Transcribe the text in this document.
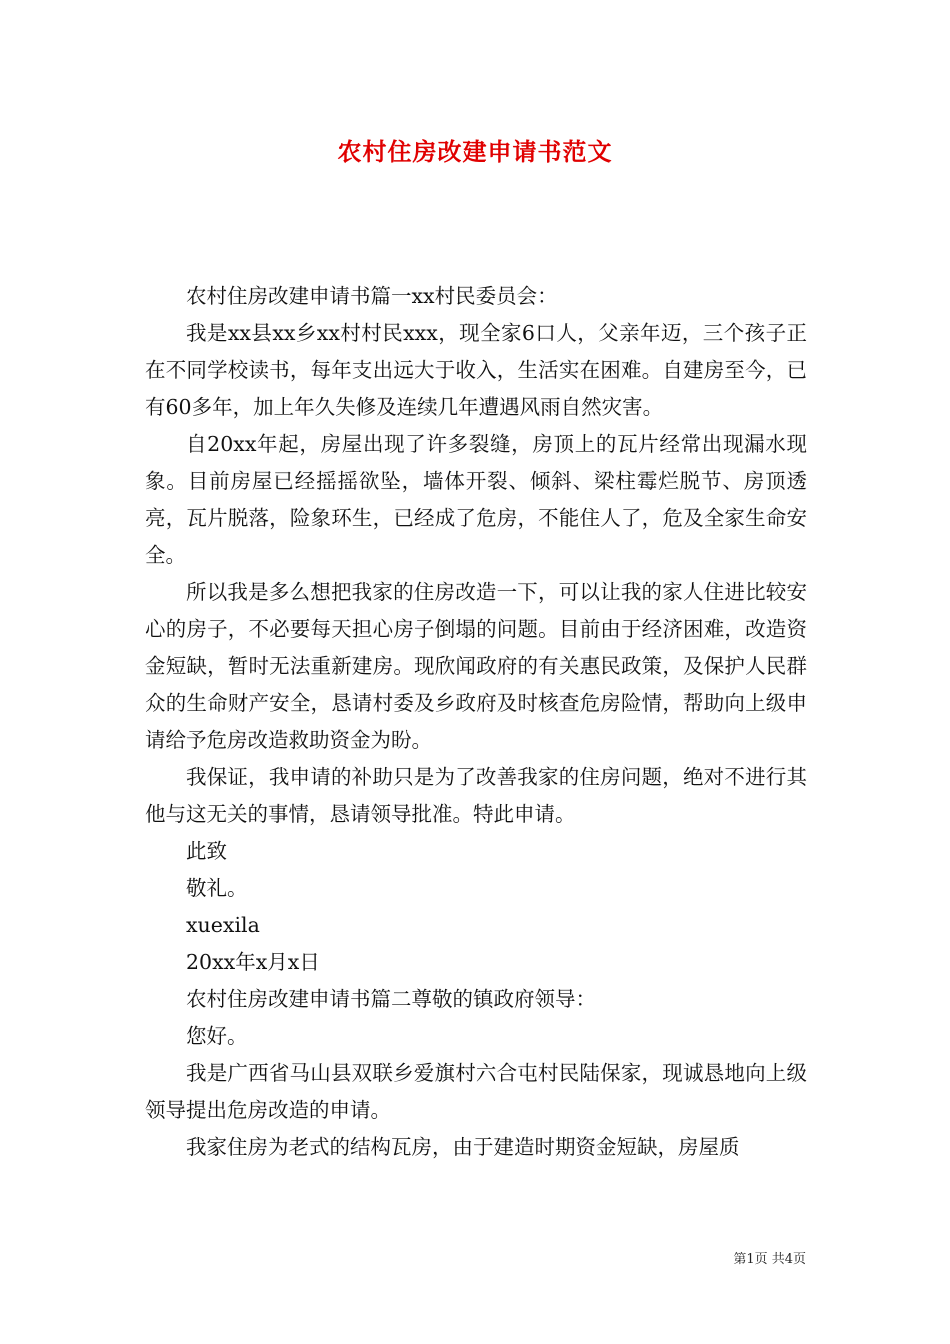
农村住房改建申请书范文

农村住房改建申请书篇一xx村民委员会：

我是xx县xx乡xx村村民xxx，现全家6口人，父亲年迈，三个孩子正在不同学校读书，每年支出远大于收入，生活实在困难。自建房至今，已有60多年，加上年久失修及连续几年遭遇风雨自然灾害。

自20xx年起，房屋出现了许多裂缝，房顶上的瓦片经常出现漏水现象。目前房屋已经摇摇欲坠，墙体开裂、倾斜、梁柱霉烂脱节、房顶透亮，瓦片脱落，险象环生，已经成了危房，不能住人了，危及全家生命安全。

所以我是多么想把我家的住房改造一下，可以让我的家人住进比较安心的房子，不必要每天担心房子倒塌的问题。目前由于经济困难，改造资金短缺，暂时无法重新建房。现欣闻政府的有关惠民政策，及保护人民群众的生命财产安全，恳请村委及乡政府及时核查危房险情，帮助向上级申请给予危房改造救助资金为盼。

我保证，我申请的补助只是为了改善我家的住房问题，绝对不进行其他与这无关的事情，恳请领导批准。特此申请。

此致

敬礼。

xuexila

20xx年x月x日

农村住房改建申请书篇二尊敬的镇政府领导：

您好。

我是广西省马山县双联乡爱旗村六合屯村民陆保家，现诚恳地向上级领导提出危房改造的申请。

我家住房为老式的结构瓦房，由于建造时期资金短缺，房屋质

第1页 共4页
